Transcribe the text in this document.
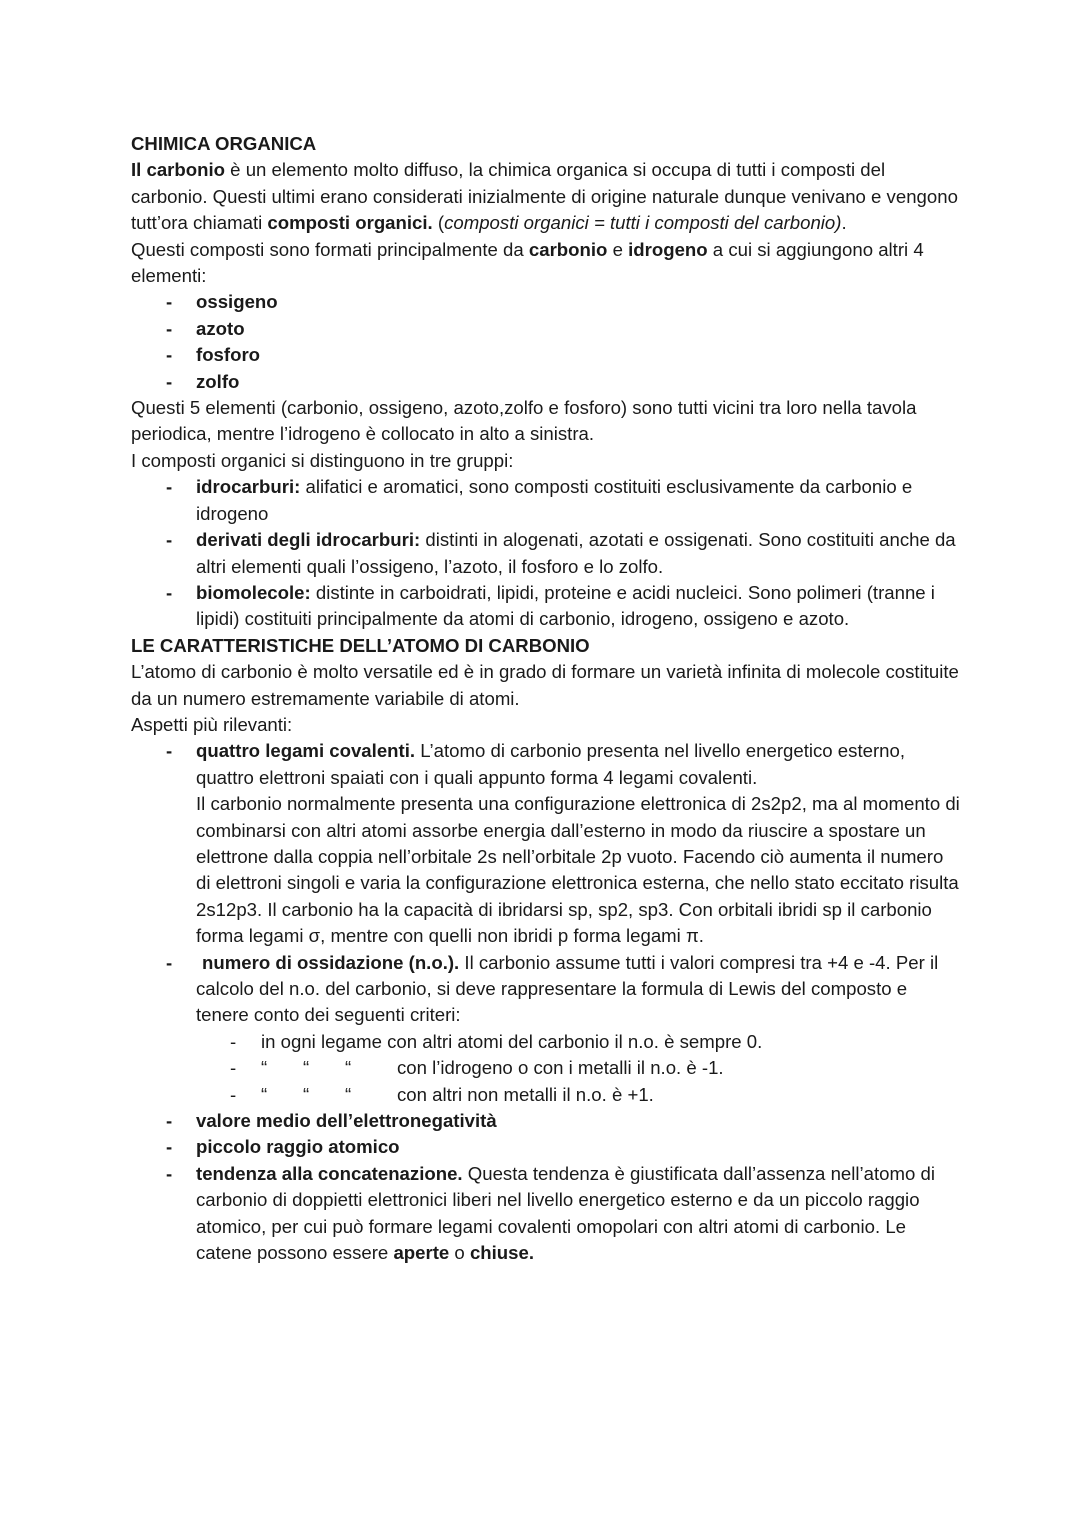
CHIMICA ORGANICA

Il carbonio è un elemento molto diffuso, la chimica organica si occupa di tutti i composti del carbonio. Questi ultimi erano considerati inizialmente di origine naturale dunque venivano e vengono tutt’ora chiamati composti organici. (composti organici = tutti i composti del carbonio).

Questi composti sono formati principalmente da carbonio e idrogeno a cui si aggiungono altri 4 elementi:

- ossigeno
- azoto
- fosforo
- zolfo

Questi 5 elementi (carbonio, ossigeno, azoto,zolfo e fosforo) sono tutti vicini tra loro nella tavola periodica, mentre l’idrogeno è collocato in alto a sinistra.

I composti organici si distinguono in tre gruppi:

- idrocarburi: alifatici e aromatici, sono composti costituiti esclusivamente da carbonio e idrogeno
- derivati degli idrocarburi: distinti in alogenati, azotati e ossigenati. Sono costituiti anche da altri elementi quali l’ossigeno, l’azoto, il fosforo e lo zolfo.
- biomolecole: distinte in carboidrati, lipidi, proteine e acidi nucleici. Sono polimeri (tranne i lipidi) costituiti principalmente da atomi di carbonio, idrogeno, ossigeno e azoto.

LE CARATTERISTICHE DELL’ATOMO DI CARBONIO

L’atomo di carbonio è molto versatile ed è in grado di formare un varietà infinita di molecole costituite da un numero estremamente variabile di atomi.

Aspetti più rilevanti:

- quattro legami covalenti. L’atomo di carbonio presenta nel livello energetico esterno, quattro elettroni spaiati con i quali appunto forma 4 legami covalenti.
Il carbonio normalmente presenta una configurazione elettronica di 2s2p2, ma al momento di combinarsi con altri atomi assorbe energia dall’esterno in modo da riuscire a spostare un elettrone dalla coppia nell’orbitale 2s nell’orbitale 2p vuoto. Facendo ciò aumenta il numero di elettroni singoli e varia la configurazione elettronica esterna, che nello stato eccitato risulta 2s12p3. Il carbonio ha la capacità di ibridarsi sp, sp2, sp3. Con orbitali ibridi sp il carbonio forma legami σ, mentre con quelli non ibridi p forma legami π.
- numero di ossidazione (n.o.). Il carbonio assume tutti i valori compresi tra +4 e -4. Per il calcolo del n.o. del carbonio, si deve rappresentare la formula di Lewis del composto e tenere conto dei seguenti criteri:
- in ogni legame con altri atomi del carbonio il n.o. è sempre 0.
- “ “ “ con l’idrogeno o con i metalli il n.o. è -1.
- “ “ “ con altri non metalli il n.o. è +1.
- valore medio dell’elettronegatività
- piccolo raggio atomico
- tendenza alla concatenazione. Questa tendenza è giustificata dall’assenza nell’atomo di carbonio di doppietti elettronici liberi nel livello energetico esterno e da un piccolo raggio atomico, per cui può formare legami covalenti omopolari con altri atomi di carbonio. Le catene possono essere aperte o chiuse.
